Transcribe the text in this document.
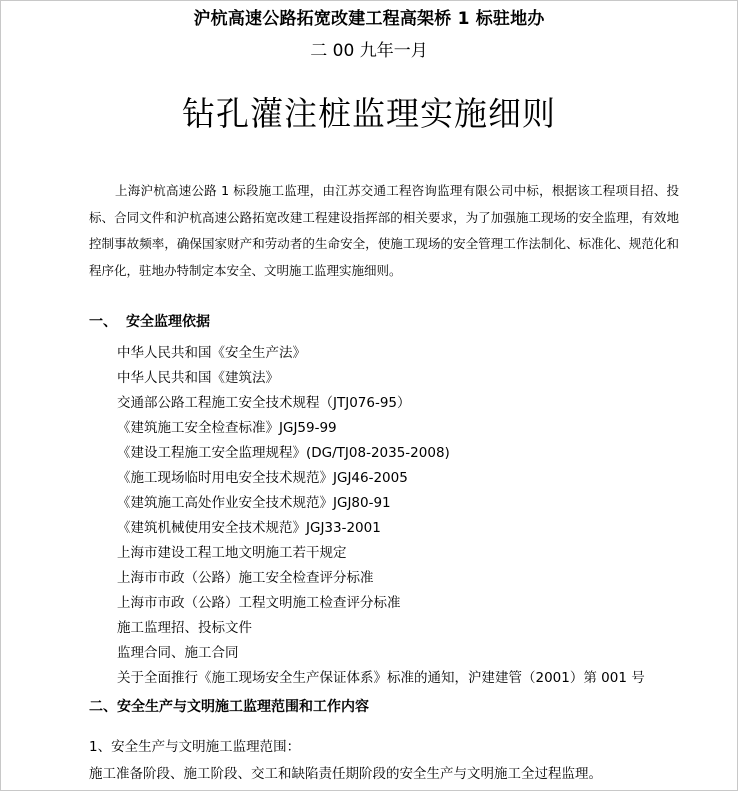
沪杭高速公路拓宽改建工程高架桥 1 标驻地办
二 00 九年一月
钻孔灌注桩监理实施细则

上海沪杭高速公路 1 标段施工监理，由江苏交通工程咨询监理有限公司中标，根据该工程项目招、投标、合同文件和沪杭高速公路拓宽改建工程建设指挥部的相关要求，为了加强施工现场的安全监理，有效地控制事故频率，确保国家财产和劳动者的生命安全，使施工现场的安全管理工作法制化、标准化、规范化和程序化，驻地办特制定本安全、文明施工监理实施细则。

一、 安全监理依据
中华人民共和国《安全生产法》
中华人民共和国《建筑法》
交通部公路工程施工安全技术规程（JTJ076-95）
《建筑施工安全检查标准》JGJ59-99
《建设工程施工安全监理规程》(DG/TJ08-2035-2008)
《施工现场临时用电安全技术规范》JGJ46-2005
《建筑施工高处作业安全技术规范》JGJ80-91
《建筑机械使用安全技术规范》JGJ33-2001
上海市建设工程工地文明施工若干规定
上海市市政（公路）施工安全检查评分标准
上海市市政（公路）工程文明施工检查评分标准
施工监理招、投标文件
监理合同、施工合同
关于全面推行《施工现场安全生产保证体系》标准的通知，沪建建管（2001）第 001 号
二、安全生产与文明施工监理范围和工作内容

1、安全生产与文明施工监理范围：

施工准备阶段、施工阶段、交工和缺陷责任期阶段的安全生产与文明施工全过程监理。
